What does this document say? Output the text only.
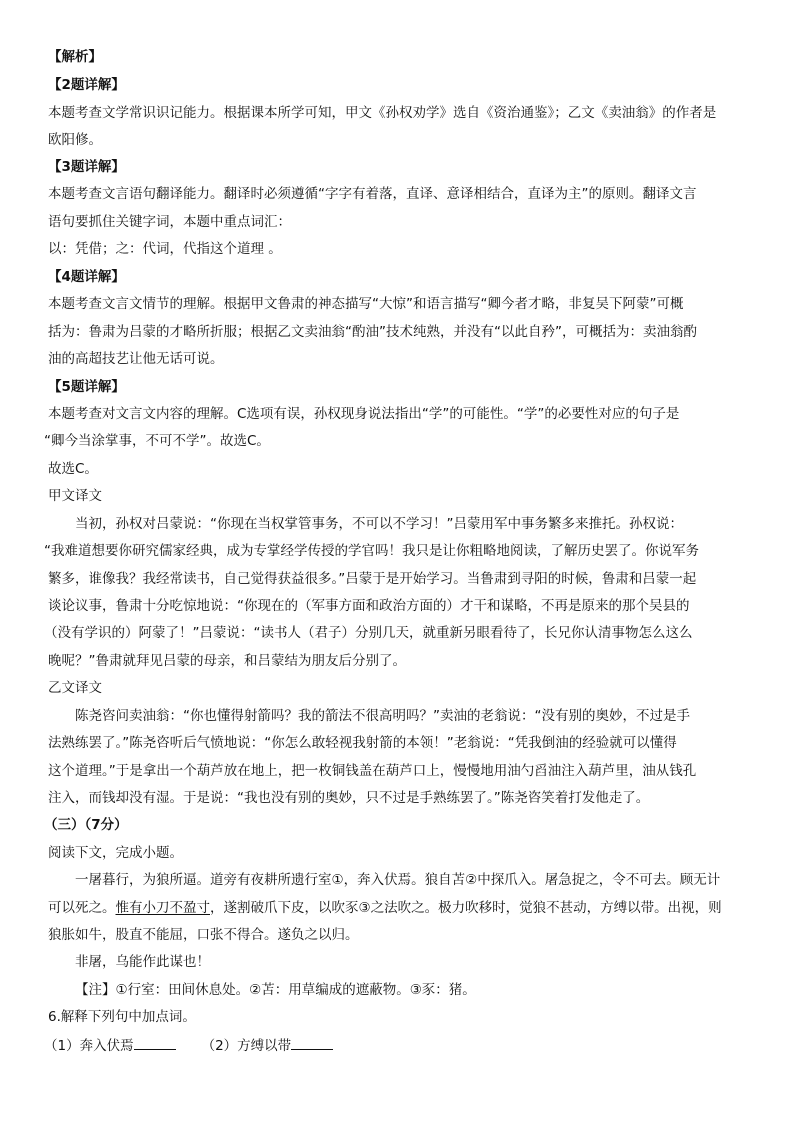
【解析】
【2题详解】
本题考查文学常识识记能力。根据课本所学可知，甲文《孙权劝学》选自《资治通鉴》；乙文《卖油翁》的作者是
欧阳修。
【3题详解】
本题考查文言语句翻译能力。翻译时必须遵循“字字有着落，直译、意译相结合，直译为主”的原则。翻译文言
语句要抓住关键字词，本题中重点词汇：
以：凭借；之：代词，代指这个道理 。
【4题详解】
本题考查文言文情节的理解。根据甲文鲁肃的神态描写“大惊”和语言描写“卿今者才略，非复吴下阿蒙”可概
括为：鲁肃为吕蒙的才略所折服；根据乙文卖油翁“酌油”技术纯熟，并没有“以此自矜”，可概括为：卖油翁酌
油的高超技艺让他无话可说。
【5题详解】
本题考查对文言文内容的理解。C选项有误，孙权现身说法指出“学”的可能性。“学”的必要性对应的句子是
“卿今当涂掌事，不可不学”。故选C。
故选C。
甲文译文
当初，孙权对吕蒙说：“你现在当权掌管事务，不可以不学习！”吕蒙用军中事务繁多来推托。孙权说：
“我难道想要你研究儒家经典，成为专掌经学传授的学官吗！我只是让你粗略地阅读，了解历史罢了。你说军务
繁多，谁像我？我经常读书，自己觉得获益很多。”吕蒙于是开始学习。当鲁肃到寻阳的时候，鲁肃和吕蒙一起
谈论议事，鲁肃十分吃惊地说：“你现在的（军事方面和政治方面的）才干和谋略，不再是原来的那个吴县的
（没有学识的）阿蒙了！”吕蒙说：“读书人（君子）分别几天，就重新另眼看待了，长兄你认清事物怎么这么
晚呢？”鲁肃就拜见吕蒙的母亲，和吕蒙结为朋友后分别了。
乙文译文
陈尧咨问卖油翁：“你也懂得射箭吗？我的箭法不很高明吗？”卖油的老翁说：“没有别的奥妙，不过是手
法熟练罢了。”陈尧咨听后气愤地说：“你怎么敢轻视我射箭的本领！”老翁说：“凭我倒油的经验就可以懂得
这个道理。”于是拿出一个葫芦放在地上，把一枚铜钱盖在葫芦口上，慢慢地用油勺舀油注入葫芦里，油从钱孔
注入，而钱却没有湿。于是说：“我也没有别的奥妙，只不过是手熟练罢了。”陈尧咨笑着打发他走了。
（三）（7分）
阅读下文，完成小题。
一屠暮行，为狼所逼。道旁有夜耕所遗行室①，奔入伏焉。狼自苫②中探爪入。屠急捉之，令不可去。顾无计
可以死之。惟有小刀不盈寸，遂割破爪下皮，以吹豕③之法吹之。极力吹移时，觉狼不甚动，方缚以带。出视，则
狼胀如牛，股直不能屈，口张不得合。遂负之以归。
非屠，乌能作此谋也！
【注】①行室：田间休息处。②苫：用草编成的遮蔽物。③豕：猪。
6.解释下列句中加点词。
（1）奔入伏焉	（2）方缚以带
